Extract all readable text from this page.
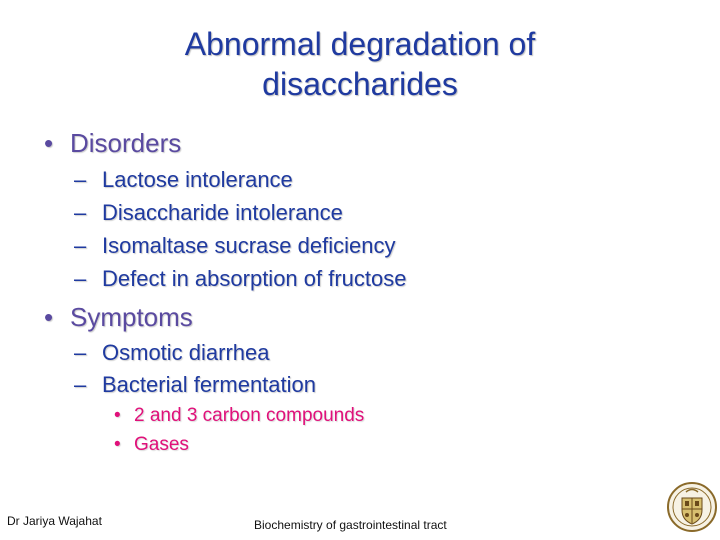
Abnormal degradation of
disaccharides
• Disorders
– Lactose intolerance
– Disaccharide intolerance
– Isomaltase sucrase deficiency
– Defect in absorption of fructose
• Symptoms
– Osmotic diarrhea
– Bacterial fermentation
• 2 and 3 carbon compounds
• Gases
Dr Jariya Wajahat	Biochemistry of gastrointestinal tract
